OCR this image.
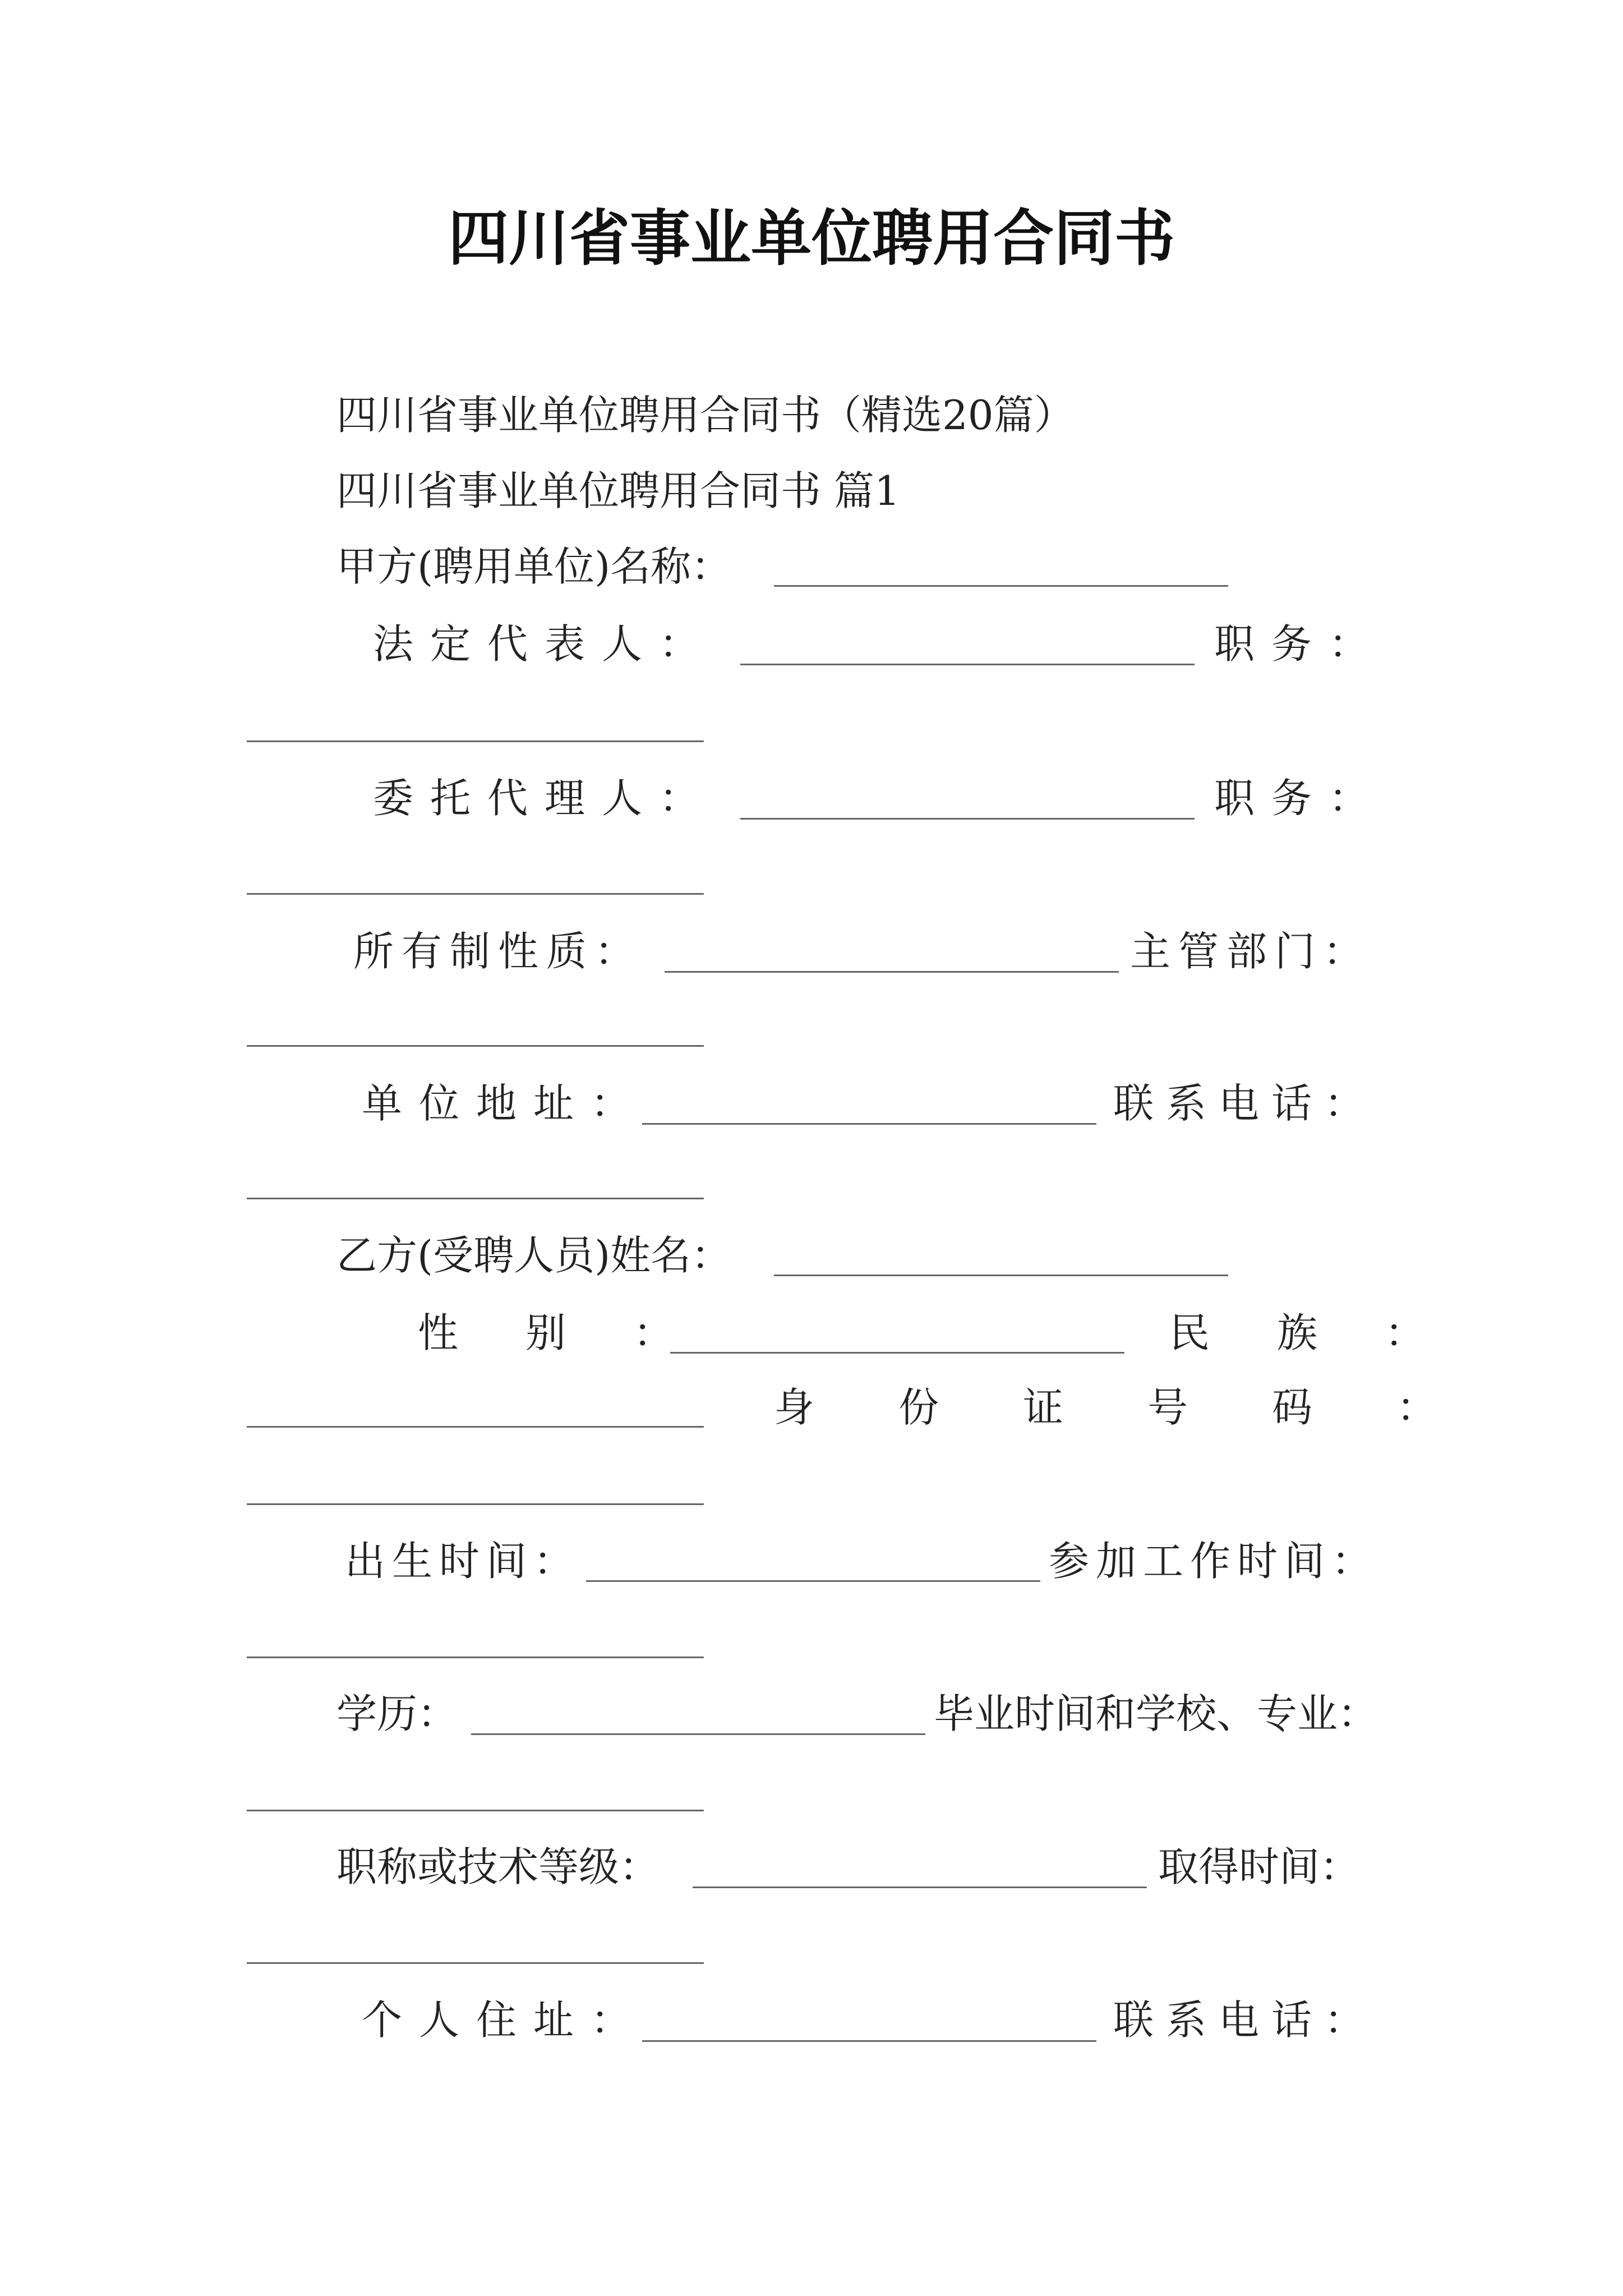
四川省事业单位聘用合同书
四川省事业单位聘用合同书（精选20篇）
四川省事业单位聘用合同书 篇1
甲方(聘用单位)名称：
法定代表人：	职务：
委托代理人：	职务：
所有制性质：	主管部门：
单位地址：	联系电话：
乙方(受聘人员)姓名：
性别：	民族：
身份证号码：
出生时间：	参加工作时间：
学历：	毕业时间和学校、专业：
职称或技术等级：	取得时间：
个人住址：	联系电话：
